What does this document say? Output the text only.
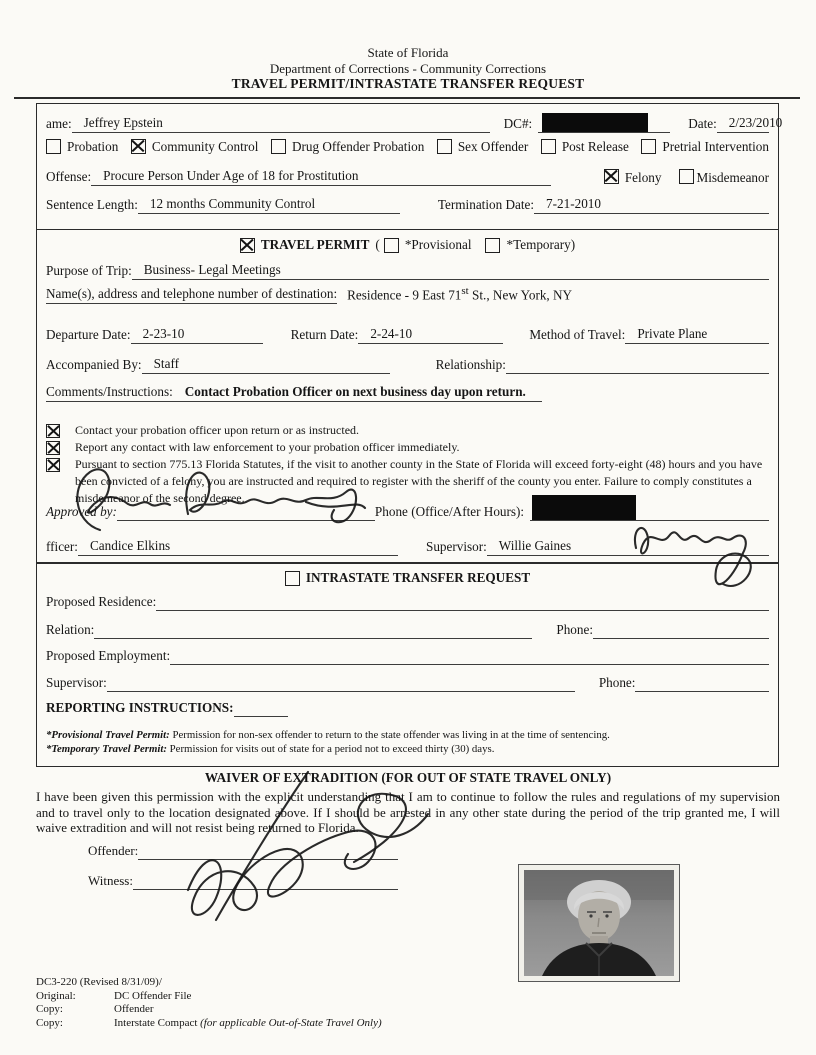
State of Florida
Department of Corrections - Community Corrections
TRAVEL PERMIT/INTRASTATE TRANSFER REQUEST
ame: Jeffrey Epstein	DC#:	Date: 2/23/2010
Probation	Community Control	Drug Offender Probation	Sex Offender	Post Release	Pretrial Intervention
Offense: Procure Person Under Age of 18 for Prostitution	Felony	Misdemeanor
Sentence Length: 12 months Community Control	Termination Date: 7-21-2010
TRAVEL PERMIT ( *Provisional	*Temporary )
Purpose of Trip: Business- Legal Meetings
Name(s), address and telephone number of destination: Residence - 9 East 71st St., New York, NY
Departure Date: 2-23-10	Return Date: 2-24-10	Method of Travel: Private Plane
Accompanied By: Staff	Relationship:
Comments/Instructions: Contact Probation Officer on next business day upon return.
Contact your probation officer upon return or as instructed.
Report any contact with law enforcement to your probation officer immediately.
Pursuant to section 775.13 Florida Statutes, if the visit to another county in the State of Florida will exceed forty-eight (48) hours and you have been convicted of a felony, you are instructed and required to register with the sheriff of the county you enter. Failure to comply constitutes a misdemeanor of the second degree.
Approved by:	Phone (Office/After Hours):
fficer: Candice Elkins	Supervisor: Willie Gaines
INTRASTATE TRANSFER REQUEST
Proposed Residence:
Relation:	Phone:
Proposed Employment:
Supervisor:	Phone:
REPORTING INSTRUCTIONS:
*Provisional Travel Permit: Permission for non-sex offender to return to the state offender was living in at the time of sentencing.
*Temporary Travel Permit: Permission for visits out of state for a period not to exceed thirty (30) days.
WAIVER OF EXTRADITION (FOR OUT OF STATE TRAVEL ONLY)
I have been given this permission with the explicit understanding that I am to continue to follow the rules and regulations of my supervision and to travel only to the location designated above. If I should be arrested in any other state during the period of the trip granted me, I will waive extradition and will not resist being returned to Florida.
Offender:
Witness:
DC3-220 (Revised 8/31/09)/
Original:	DC Offender File
Copy:	Offender
Copy:	Interstate Compact (for applicable Out-of-State Travel Only)
